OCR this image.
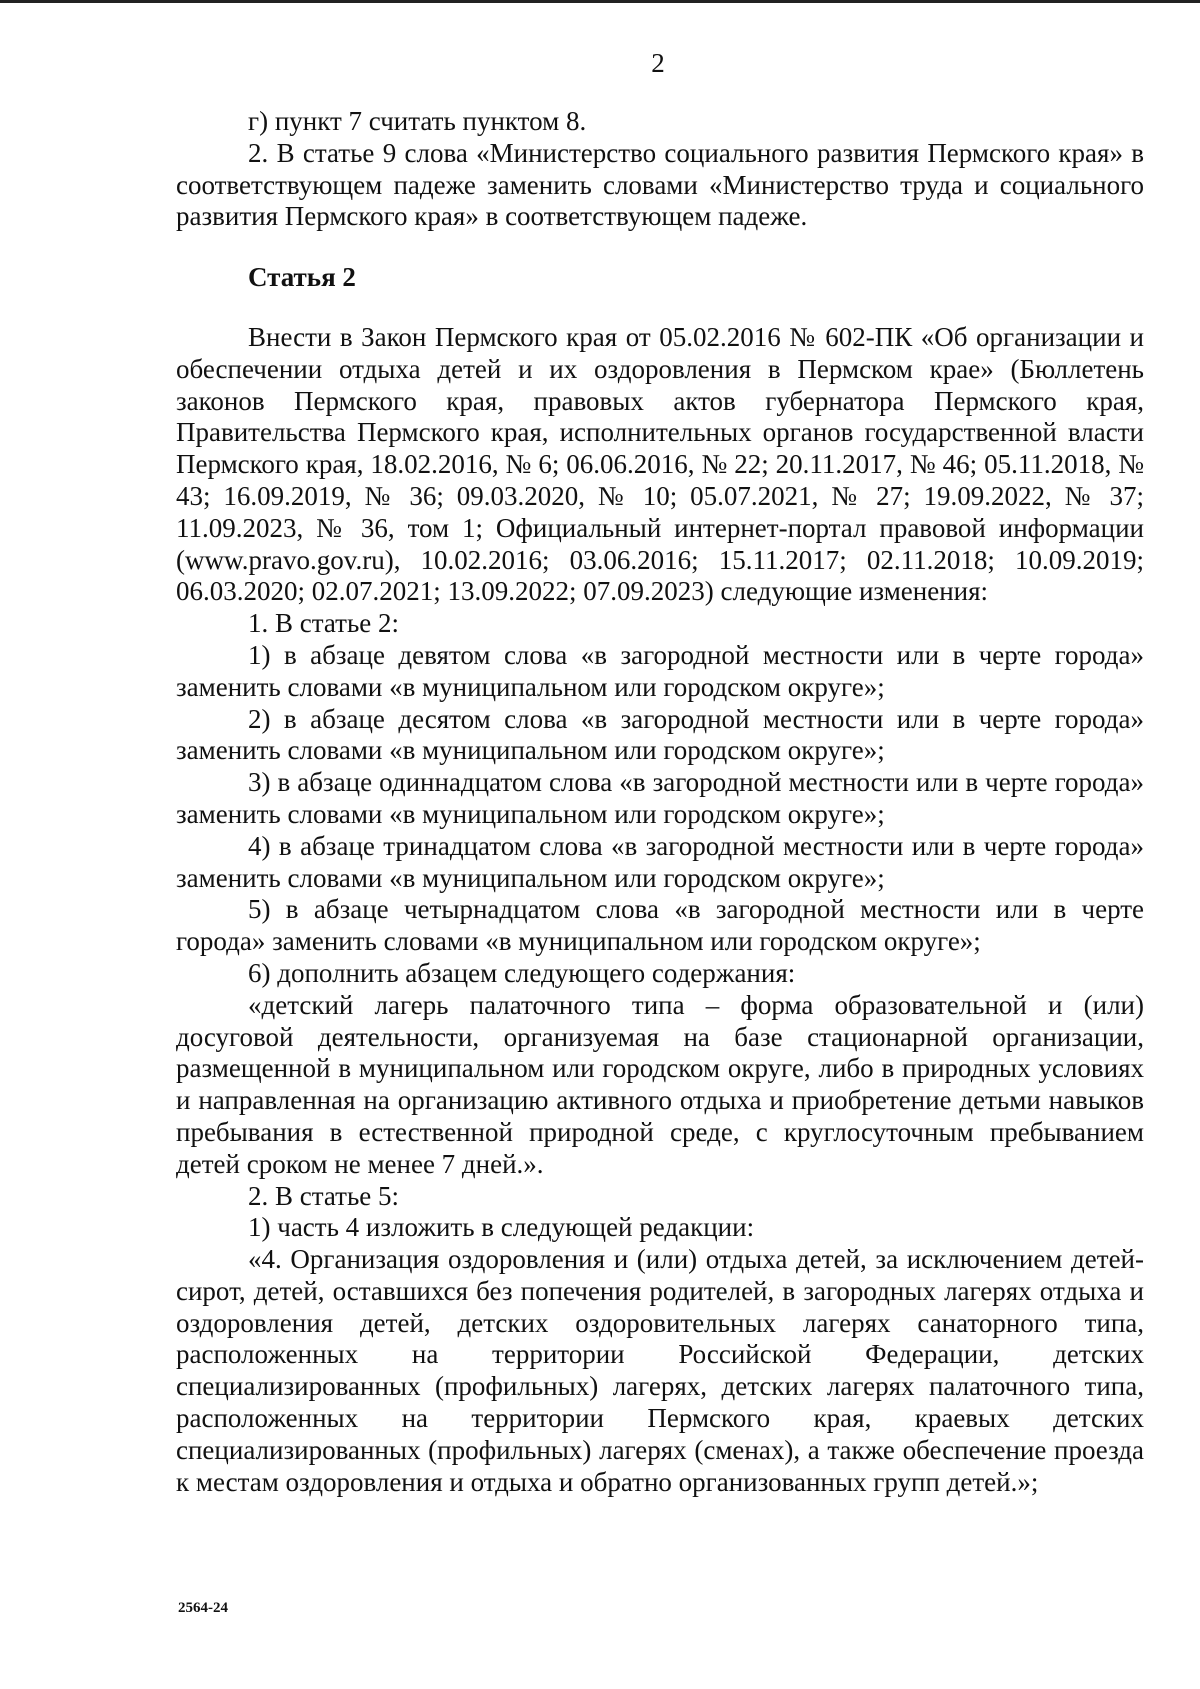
2

г) пункт 7 считать пунктом 8.

2. В статье 9 слова «Министерство социального развития Пермского края» в соответствующем падеже заменить словами «Министерство труда и социального развития Пермского края» в соответствующем падеже.

Статья 2

Внести в Закон Пермского края от 05.02.2016 № 602-ПК «Об организации и обеспечении отдыха детей и их оздоровления в Пермском крае» (Бюллетень законов Пермского края, правовых актов губернатора Пермского края, Правительства Пермского края, исполнительных органов государственной власти Пермского края, 18.02.2016, № 6; 06.06.2016, № 22; 20.11.2017, № 46; 05.11.2018, № 43; 16.09.2019, № 36; 09.03.2020, № 10; 05.07.2021, № 27; 19.09.2022, № 37; 11.09.2023, № 36, том 1; Официальный интернет-портал правовой информации (www.pravo.gov.ru), 10.02.2016; 03.06.2016; 15.11.2017; 02.11.2018; 10.09.2019; 06.03.2020; 02.07.2021; 13.09.2022; 07.09.2023) следующие изменения:

1. В статье 2:

1) в абзаце девятом слова «в загородной местности или в черте города» заменить словами «в муниципальном или городском округе»;

2) в абзаце десятом слова «в загородной местности или в черте города» заменить словами «в муниципальном или городском округе»;

3) в абзаце одиннадцатом слова «в загородной местности или в черте города» заменить словами «в муниципальном или городском округе»;

4) в абзаце тринадцатом слова «в загородной местности или в черте города» заменить словами «в муниципальном или городском округе»;

5) в абзаце четырнадцатом слова «в загородной местности или в черте города» заменить словами «в муниципальном или городском округе»;

6) дополнить абзацем следующего содержания:

«детский лагерь палаточного типа – форма образовательной и (или) досуговой деятельности, организуемая на базе стационарной организации, размещенной в муниципальном или городском округе, либо в природных условиях и направленная на организацию активного отдыха и приобретение детьми навыков пребывания в естественной природной среде, с круглосуточным пребыванием детей сроком не менее 7 дней.».

2. В статье 5:

1) часть 4 изложить в следующей редакции:

«4. Организация оздоровления и (или) отдыха детей, за исключением детей-сирот, детей, оставшихся без попечения родителей, в загородных лагерях отдыха и оздоровления детей, детских оздоровительных лагерях санаторного типа, расположенных на территории Российской Федерации, детских специализированных (профильных) лагерях, детских лагерях палаточного типа, расположенных на территории Пермского края, краевых детских специализированных (профильных) лагерях (сменах), а также обеспечение проезда к местам оздоровления и отдыха и обратно организованных групп детей.»;

2564-24
